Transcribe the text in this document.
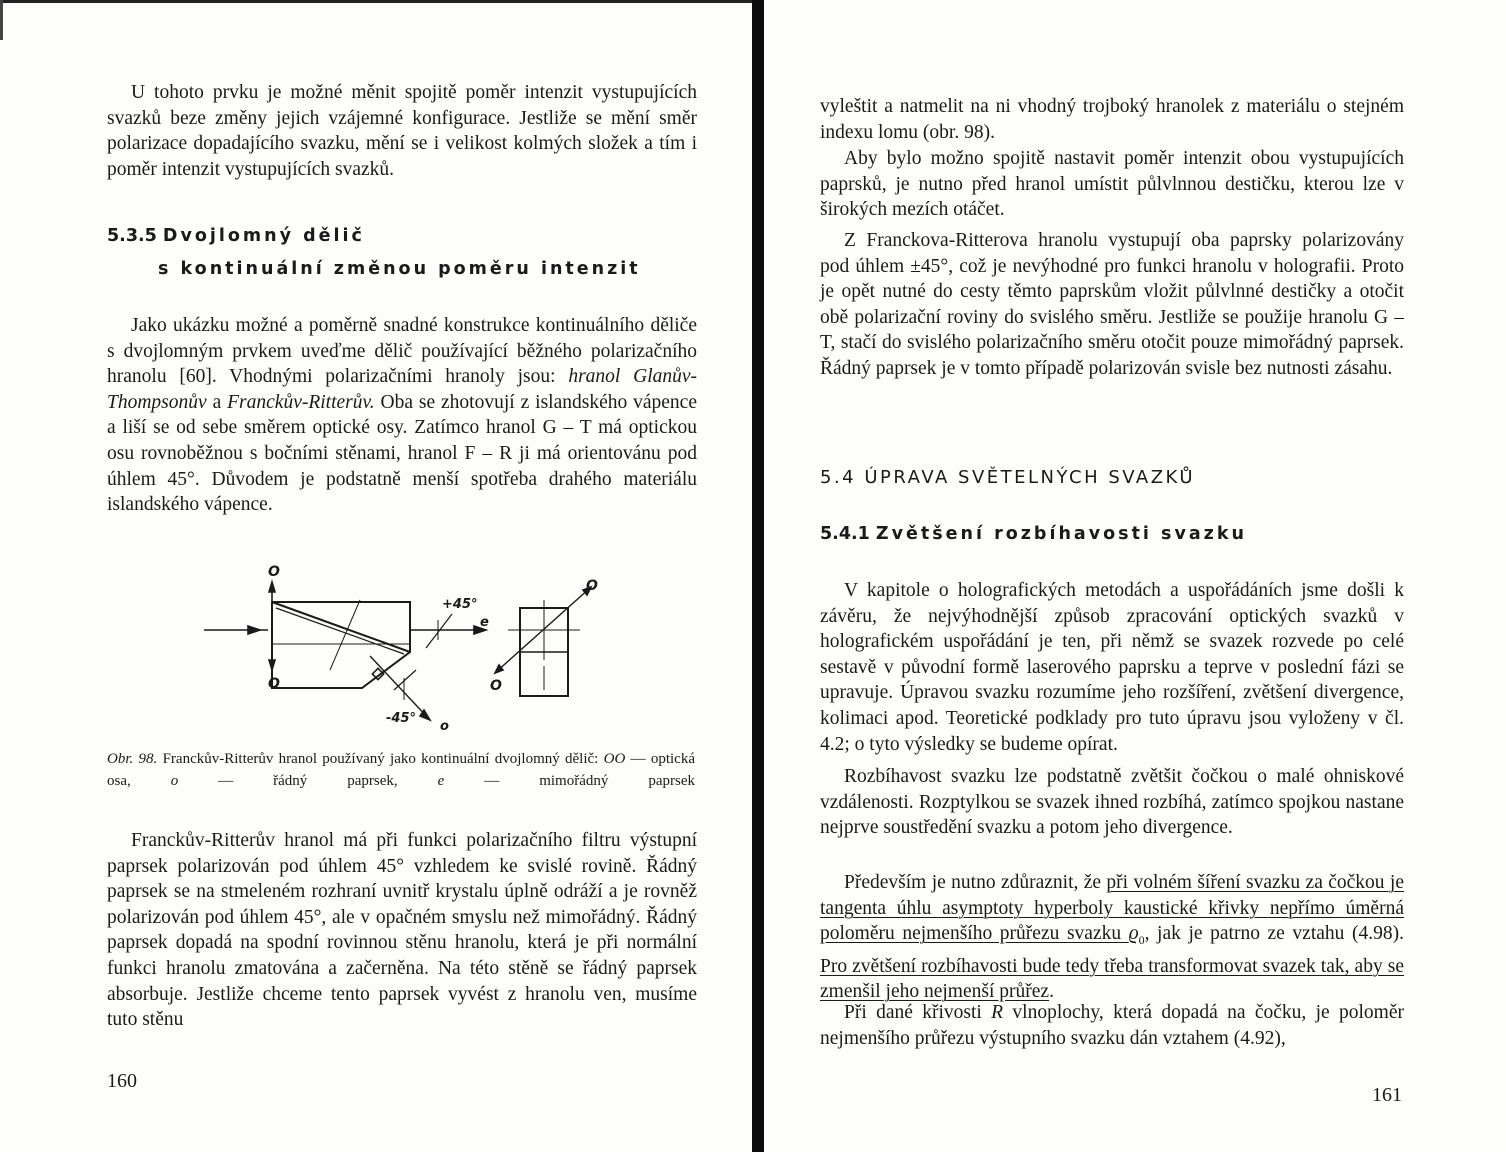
U tohoto prvku je možné měnit spojitě poměr intenzit vystupujících svazků beze změny jejich vzájemné konfigurace. Jestliže se mění směr polarizace dopadajícího svazku, mění se i velikost kolmých složek a tím i poměr intenzit vystupujících svazků.

5.3.5 Dvojlomný dělič

s kontinuální změnou poměru intenzit

Jako ukázku možné a poměrně snadné konstrukce kontinuálního děliče s dvojlomným prvkem uveďme dělič používající běžného polarizačního hranolu [60]. Vhodnými polarizačními hranoly jsou: hranol Glanův-Thompsonův a Franckův-Ritterův. Oba se zhotovují z islandského vápence a liší se od sebe směrem optické osy. Zatímco hranol G – T má optickou osu rovnoběžnou s bočními stěnami, hranol F – R ji má orientovánu pod úhlem 45°. Důvodem je podstatně menší spotřeba drahého materiálu islandského vápence.

O
O
+45°
e
-45°
o
O
O

Obr. 98. Franckův-Ritterův hranol používaný jako kontinuální dvojlomný dělič: OO — optická osa, o — řádný paprsek, e — mimořádný paprsek

Franckův-Ritterův hranol má při funkci polarizačního filtru výstupní paprsek polarizován pod úhlem 45° vzhledem ke svislé rovině. Řádný paprsek se na stmeleném rozhraní uvnitř krystalu úplně odráží a je rovněž polarizován pod úhlem 45°, ale v opačném smyslu než mimořádný. Řádný paprsek dopadá na spodní rovinnou stěnu hranolu, která je při normální funkci hranolu zmatována a začerněna. Na této stěně se řádný paprsek absorbuje. Jestliže chceme tento paprsek vyvést z hranolu ven, musíme tuto stěnu

160

vyleštit a natmelit na ni vhodný trojboký hranolek z materiálu o stejném indexu lomu (obr. 98).

Aby bylo možno spojitě nastavit poměr intenzit obou vystupujících paprsků, je nutno před hranol umístit půlvlnnou destičku, kterou lze v širokých mezích otáčet.

Z Franckova-Ritterova hranolu vystupují oba paprsky polarizovány pod úhlem ±45°, což je nevýhodné pro funkci hranolu v holografii. Proto je opět nutné do cesty těmto paprskům vložit půlvlnné destičky a otočit obě polarizační roviny do svislého směru. Jestliže se použije hranolu G – T, stačí do svislého polarizačního směru otočit pouze mimořádný paprsek. Řádný paprsek je v tomto případě polarizován svisle bez nutnosti zásahu.

5.4 ÚPRAVA SVĚTELNÝCH SVAZKŮ

5.4.1 Zvětšení rozbíhavosti svazku

V kapitole o holografických metodách a uspořádáních jsme došli k závěru, že nejvýhodnější způsob zpracování optických svazků v holografickém uspořádání je ten, při němž se svazek rozvede po celé sestavě v původní formě laserového paprsku a teprve v poslední fázi se upravuje. Úpravou svazku rozumíme jeho rozšíření, zvětšení divergence, kolimaci apod. Teoretické podklady pro tuto úpravu jsou vyloženy v čl. 4.2; o tyto výsledky se budeme opírat.

Rozbíhavost svazku lze podstatně zvětšit čočkou o malé ohniskové vzdálenosti. Rozptylkou se svazek ihned rozbíhá, zatímco spojkou nastane nejprve soustředění svazku a potom jeho divergence.

Především je nutno zdůraznit, že při volném šíření svazku za čočkou je tangenta úhlu asymptoty hyperboly kaustické křivky nepřímo úměrná poloměru nejmenšího průřezu svazku $ϱ_0$, jak je patrno ze vztahu (4.98). Pro zvětšení rozbíhavosti bude tedy třeba transformovat svazek tak, aby se zmenšil jeho nejmenší průřez.

Při dané křivosti R vlnoplochy, která dopadá na čočku, je poloměr nejmenšího průřezu výstupního svazku dán vztahem (4.92),

161
